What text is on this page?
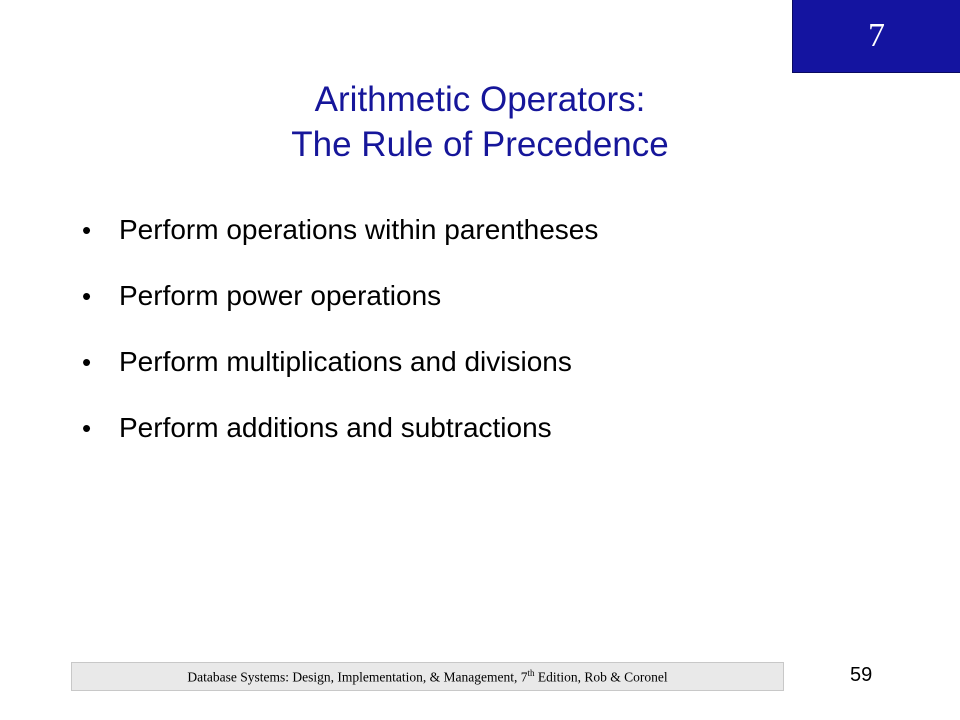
7
Arithmetic Operators:
The Rule of Precedence
• Perform operations within parentheses
• Perform power operations
• Perform multiplications and divisions
• Perform additions and subtractions
Database Systems: Design, Implementation, & Management, 7th Edition, Rob & Coronel	59
